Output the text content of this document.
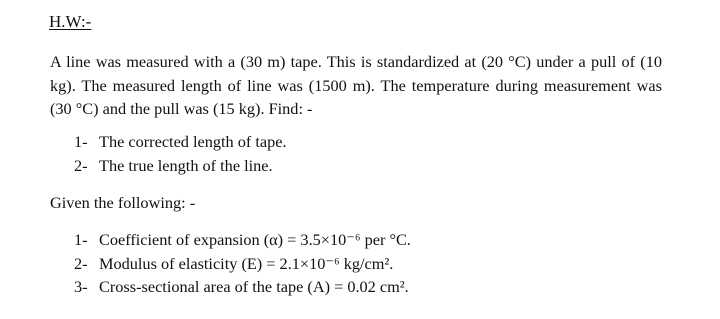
H.W:-

A line was measured with a (30 m) tape. This is standardized at (20 °C) under a pull of (10 kg). The measured length of line was (1500 m). The temperature during measurement was (30 °C) and the pull was (15 kg). Find: -

1- The corrected length of tape.
2- The true length of the line.

Given the following: -

1- Coefficient of expansion (α) = 3.5×10⁻⁶ per °C.
2- Modulus of elasticity (E) = 2.1×10⁻⁶ kg/cm².
3- Cross-sectional area of the tape (A) = 0.02 cm².
